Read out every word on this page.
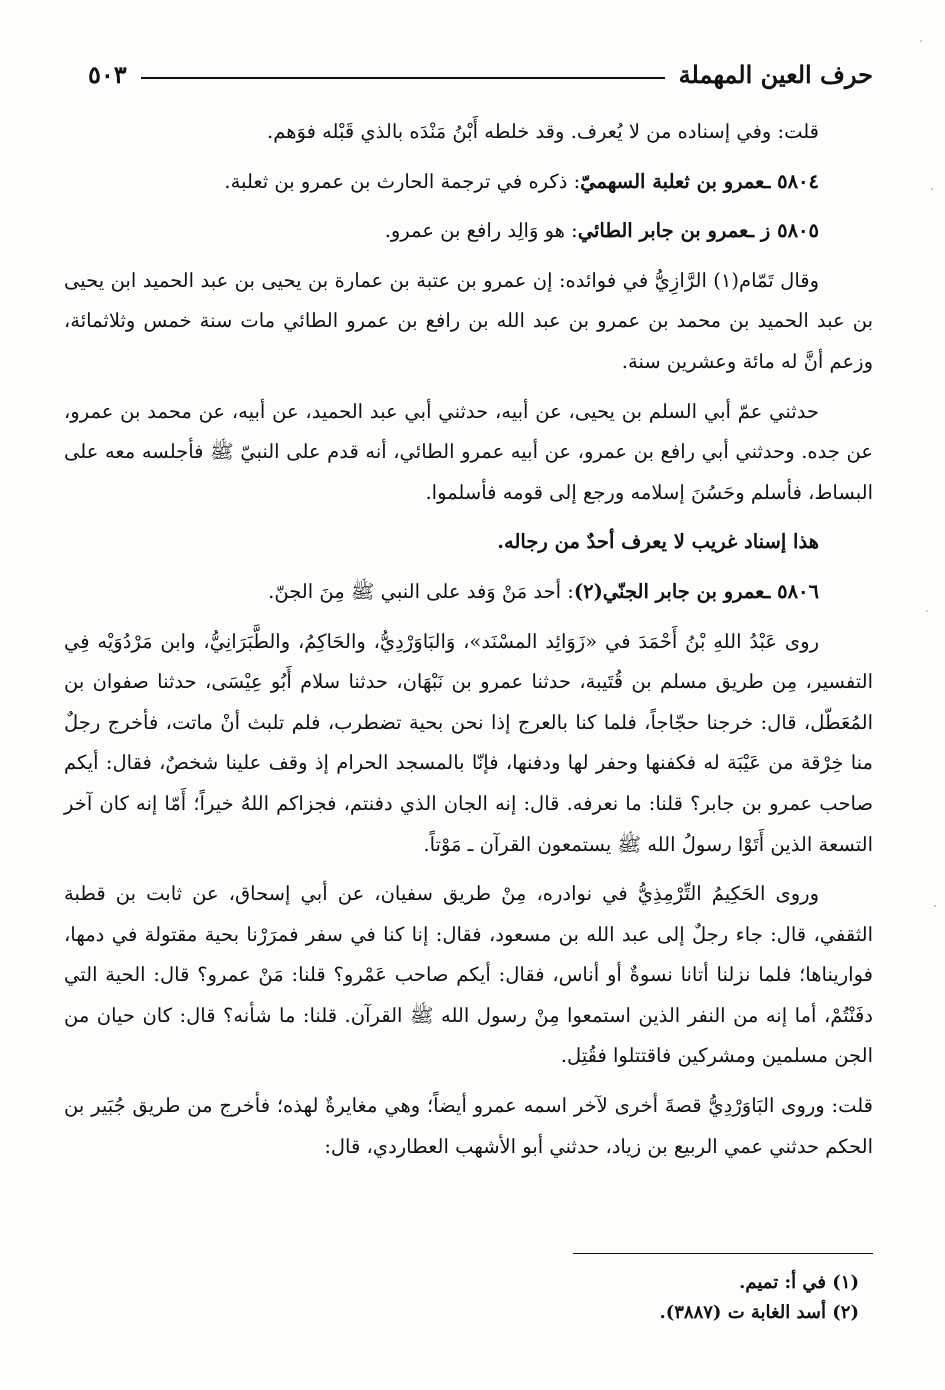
حرف العين المهملة
٥٠٣

قلت: وفي إسناده من لا يُعرف. وقد خلطه أَبْنُ مَنْدَه بالذي قَبْله فوَهم.

٥٨٠٤ ـعمرو بن ثعلبة السهميّ: ذكره في ترجمة الحارث بن عمرو بن ثعلبة.

٥٨٠٥ ز ـعمرو بن جابر الطائي: هو وَالِد رافع بن عمرو.

وقال تَمّام(١) الرَّازِيُّ في فوائده: إن عمرو بن عتبة بن عمارة بن يحيى بن عبد الحميد ابن يحيى بن عبد الحميد بن محمد بن عمرو بن عبد الله بن رافع بن عمرو الطائي مات سنة خمس وثلاثمائة، وزعم أنَّ له مائة وعشرين سنة.

حدثني عمّ أبي السلم بن يحيى، عن أبيه، حدثني أبي عبد الحميد، عن أبيه، عن محمد بن عمرو، عن جده. وحدثني أبي رافع بن عمرو، عن أبيه عمرو الطائي، أنه قدم على النبيّ ﷺ فأجلسه معه على البساط، فأسلم وحَسُنَ إسلامه ورجع إلى قومه فأسلموا.

هذا إسناد غريب لا يعرف أحدٌ من رجاله.

٥٨٠٦ ـعمرو بن جابر الجنّي(٢): أحد مَنْ وَفد على النبي ﷺ مِنَ الجنّ.

روى عَبْدُ اللهِ بْنُ أَحْمَدَ في «زَوَائِد المسْنَد»، وَالبَاوَرْدِيُّ، والحَاكِمُ، والطَّبَرَانِيُّ، وابن مَرْدُوَيْه فِي التفسير، مِن طريق مسلم بن قُتَيبة، حدثنا عمرو بن نَبْهَان، حدثنا سلام أَبُو عِيْسَى، حدثنا صفوان بن المُعَطّل، قال: خرجنا حجّاجاً، فلما كنا بالعرج إذا نحن بحية تضطرب، فلم تلبث أنْ ماتت، فأخرج رجلٌ منا خِرْقة من عَيْبَة له فكفنها وحفر لها ودفنها، فإنّا بالمسجد الحرام إذ وقف علينا شخصٌ، فقال: أيكم صاحب عمرو بن جابر؟ قلنا: ما نعرفه. قال: إنه الجان الذي دفنتم، فجزاكم اللهُ خيراً؛ أَمّا إنه كان آخر التسعة الذين أَتَوْا رسولُ الله ﷺ يستمعون القرآن ـ مَوْتاً.

وروى الحَكِيمُ التِّرْمِذِيُّ في نوادره، مِنْ طريق سفيان، عن أبي إسحاق، عن ثابت بن قطبة الثقفي، قال: جاء رجلٌ إلى عبد الله بن مسعود، فقال: إنا كنا في سفر فمرَرْنا بحية مقتولة في دمها، فواريناها؛ فلما نزلنا أتانا نسوةٌ أو أناس، فقال: أيكم صاحب عَمْرو؟ قلنا: مَنْ عمرو؟ قال: الحية التي دفَنْتُمْ، أما إنه من النفر الذين استمعوا مِنْ رسول الله ﷺ القرآن. قلنا: ما شأنه؟ قال: كان حيان من الجن مسلمين ومشركين فاقتتلوا فقُتِل.

قلت: وروى البَاوَرْدِيُّ قصةَ أخرى لآخر اسمه عمرو أيضاً؛ وهي مغايرةٌ لهذه؛ فأخرج من طريق جُبَير بن الحكم حدثني عمي الربيع بن زياد، حدثني أبو الأشهب العطاردي، قال:

(١) في أ: تميم.
(٢) أسد الغابة ت (٣٨٨٧).
